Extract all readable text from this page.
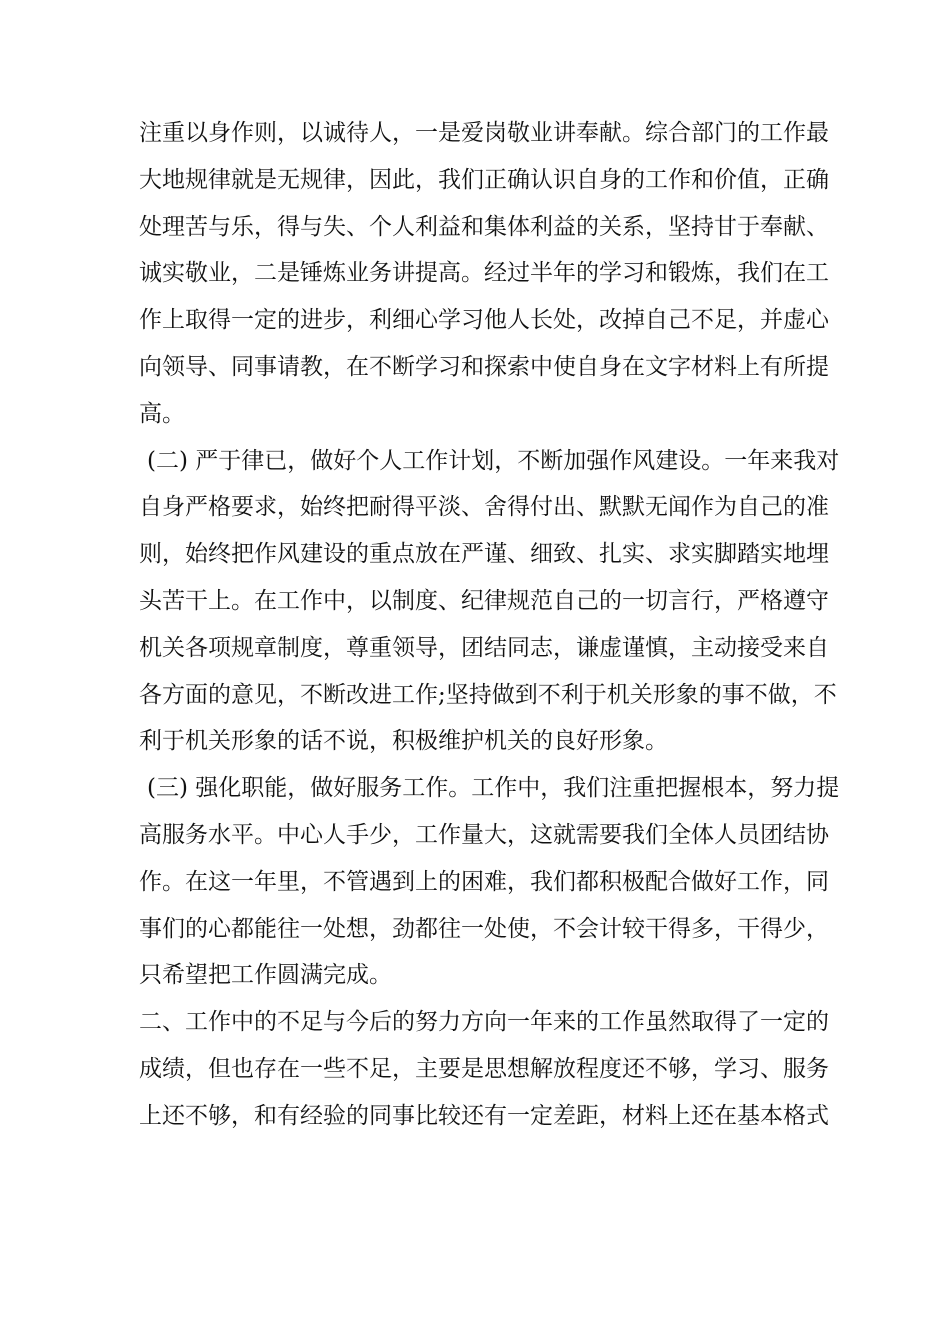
注重以身作则，以诚待人，一是爱岗敬业讲奉献。综合部门的工作最
大地规律就是无规律，因此，我们正确认识自身的工作和价值，正确
处理苦与乐，得与失、个人利益和集体利益的关系，坚持甘于奉献、
诚实敬业，二是锤炼业务讲提高。经过半年的学习和锻炼，我们在工
作上取得一定的进步，利细心学习他人长处，改掉自己不足，并虚心
向领导、同事请教，在不断学习和探索中使自身在文字材料上有所提
高。
(二) 严于律已，做好个人工作计划，不断加强作风建设。一年来我对
自身严格要求，始终把耐得平淡、舍得付出、默默无闻作为自己的准
则，始终把作风建设的重点放在严谨、细致、扎实、求实脚踏实地埋
头苦干上。在工作中，以制度、纪律规范自己的一切言行，严格遵守
机关各项规章制度，尊重领导，团结同志，谦虚谨慎，主动接受来自
各方面的意见，不断改进工作;坚持做到不利于机关形象的事不做，不
利于机关形象的话不说，积极维护机关的良好形象。
(三) 强化职能，做好服务工作。工作中，我们注重把握根本，努力提
高服务水平。中心人手少，工作量大，这就需要我们全体人员团结协
作。在这一年里，不管遇到上的困难，我们都积极配合做好工作，同
事们的心都能往一处想，劲都往一处使，不会计较干得多，干得少，
只希望把工作圆满完成。
二、工作中的不足与今后的努力方向一年来的工作虽然取得了一定的
成绩，但也存在一些不足，主要是思想解放程度还不够，学习、服务
上还不够，和有经验的同事比较还有一定差距，材料上还在基本格式
